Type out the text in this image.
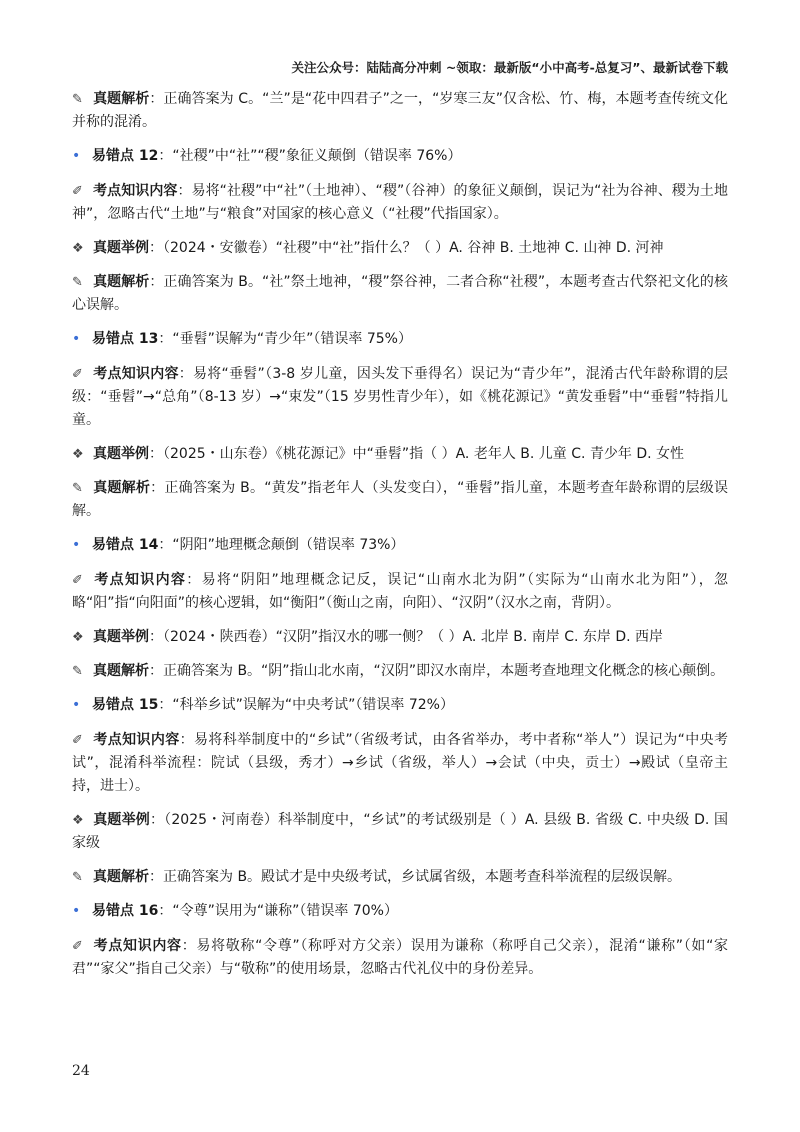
关注公众号：陆陆高分冲刺 ~领取：最新版“小中高考-总复习”、最新试卷下载
✎ 真题解析：正确答案为 C。“兰”是“花中四君子”之一，“岁寒三友”仅含松、竹、梅，本题考查传统文化并称的混淆。
• 易错点 12：“社稷”中“社”“稷”象征义颠倒（错误率 76%）
✐ 考点知识内容：易将“社稷”中“社”（土地神）、“稷”（谷神）的象征义颠倒，误记为“社为谷神、稷为土地神”，忽略古代“土地”与“粮食”对国家的核心意义（“社稷”代指国家）。
❖ 真题举例：（2024・安徽卷）“社稷”中“社”指什么？（ ）A. 谷神 B. 土地神 C. 山神 D. 河神
✎ 真题解析：正确答案为 B。“社”祭土地神，“稷”祭谷神，二者合称“社稷”，本题考查古代祭祀文化的核心误解。
• 易错点 13：“垂髫”误解为“青少年”（错误率 75%）
✐ 考点知识内容：易将“垂髫”（3-8 岁儿童，因头发下垂得名）误记为“青少年”，混淆古代年龄称谓的层级：“垂髫”→“总角”（8-13 岁）→“束发”（15 岁男性青少年），如《桃花源记》“黄发垂髫”中“垂髫”特指儿童。
❖ 真题举例：（2025・山东卷）《桃花源记》中“垂髫”指（ ）A. 老年人 B. 儿童 C. 青少年 D. 女性
✎ 真题解析：正确答案为 B。“黄发”指老年人（头发变白），“垂髫”指儿童，本题考查年龄称谓的层级误解。
• 易错点 14：“阴阳”地理概念颠倒（错误率 73%）
✐ 考点知识内容：易将“阴阳”地理概念记反，误记“山南水北为阴”（实际为“山南水北为阳”），忽略“阳”指“向阳面”的核心逻辑，如“衡阳”（衡山之南，向阳）、“汉阴”（汉水之南，背阴）。
❖ 真题举例：（2024・陕西卷）“汉阴”指汉水的哪一侧？（ ）A. 北岸 B. 南岸 C. 东岸 D. 西岸
✎ 真题解析：正确答案为 B。“阴”指山北水南，“汉阴”即汉水南岸，本题考查地理文化概念的核心颠倒。
• 易错点 15：“科举乡试”误解为“中央考试”（错误率 72%）
✐ 考点知识内容：易将科举制度中的“乡试”（省级考试，由各省举办，考中者称“举人”）误记为“中央考试”，混淆科举流程：院试（县级，秀才）→乡试（省级，举人）→会试（中央，贡士）→殿试（皇帝主持，进士）。
❖ 真题举例：（2025・河南卷）科举制度中，“乡试”的考试级别是（ ）A. 县级 B. 省级 C. 中央级 D. 国家级
✎ 真题解析：正确答案为 B。殿试才是中央级考试，乡试属省级，本题考查科举流程的层级误解。
• 易错点 16：“令尊”误用为“谦称”（错误率 70%）
✐ 考点知识内容：易将敬称“令尊”（称呼对方父亲）误用为谦称（称呼自己父亲），混淆“谦称”（如“家君”“家父”指自己父亲）与“敬称”的使用场景，忽略古代礼仪中的身份差异。
24
